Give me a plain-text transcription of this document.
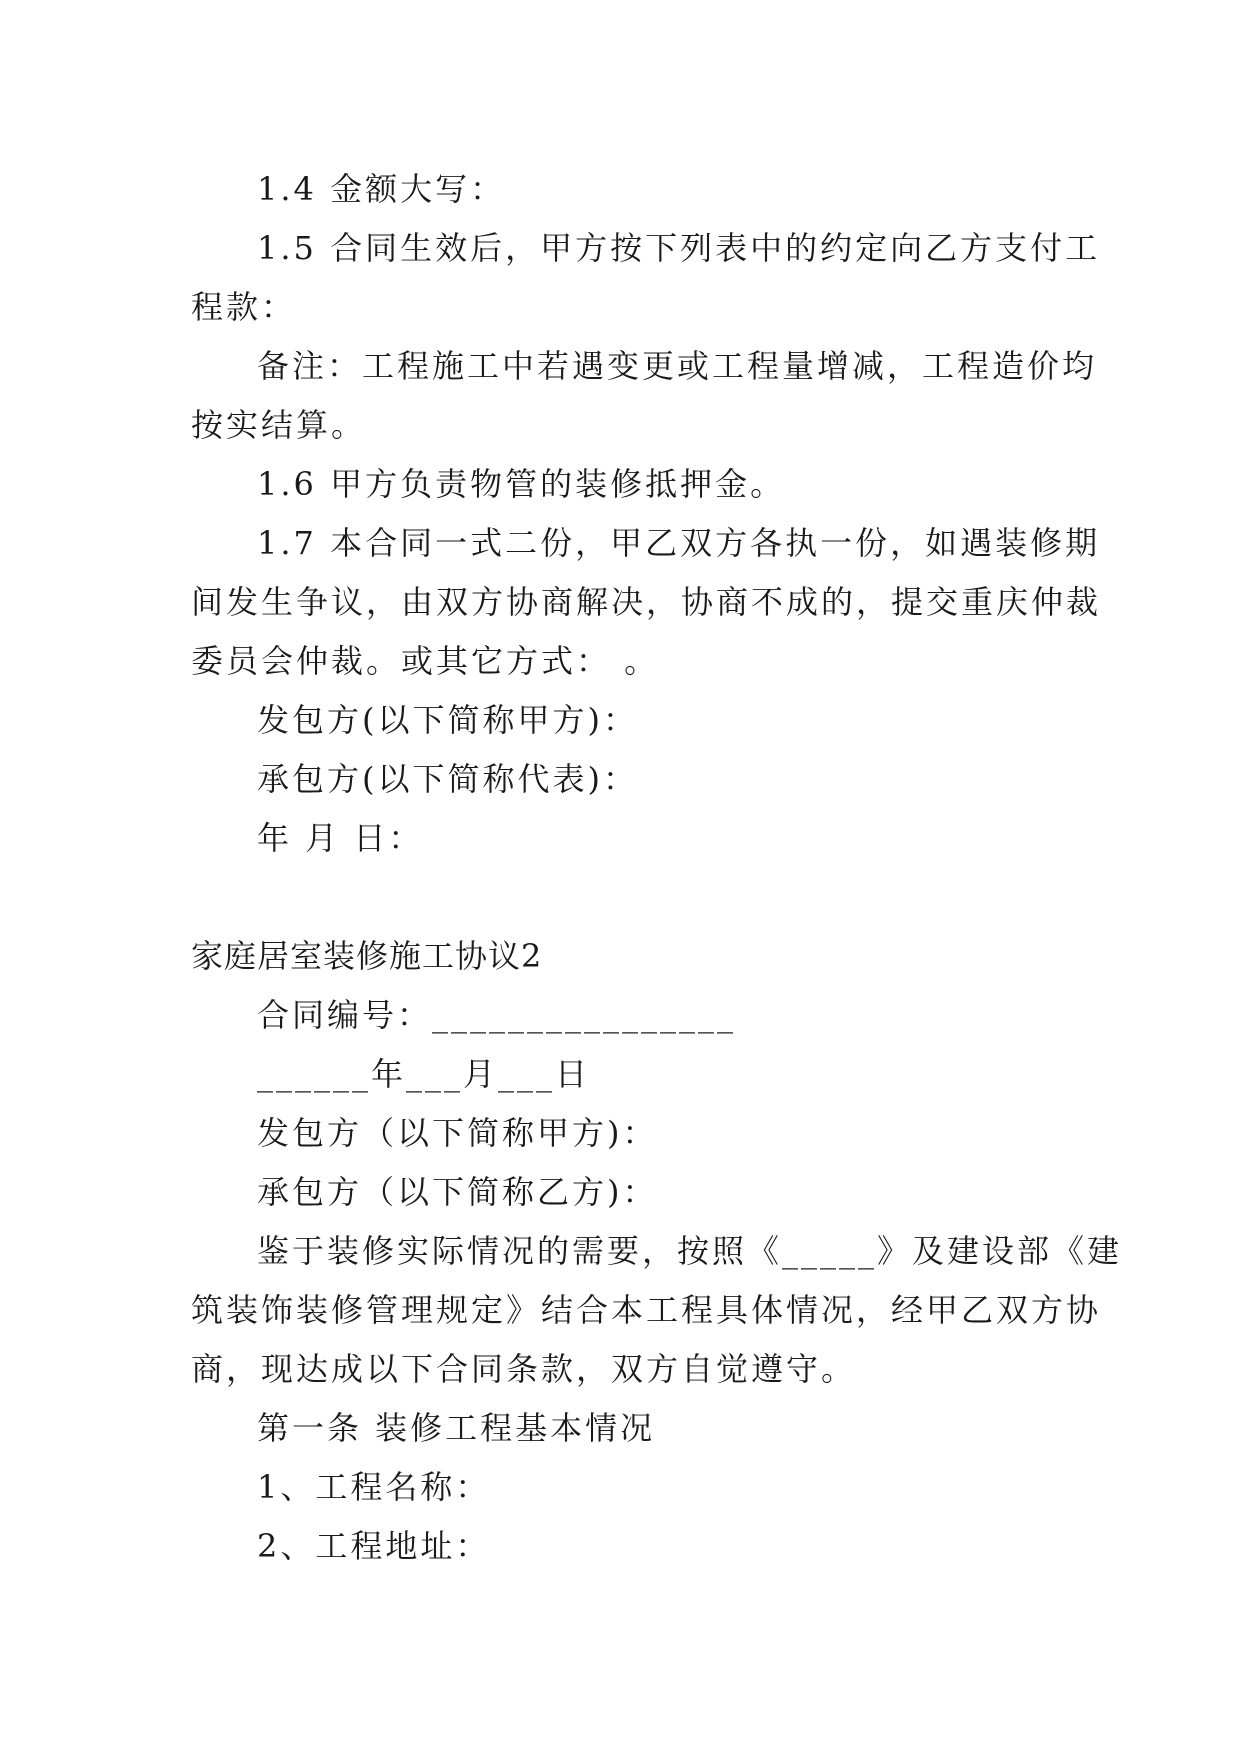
1.4 金额大写：

1.5 合同生效后，甲方按下列表中的约定向乙方支付工

程款：

备注：工程施工中若遇变更或工程量增减，工程造价均

按实结算。

1.6 甲方负责物管的装修抵押金。

1.7 本合同一式二份，甲乙双方各执一份，如遇装修期

间发生争议，由双方协商解决，协商不成的，提交重庆仲裁

委员会仲裁。或其它方式： 。

发包方(以下简称甲方)：

承包方(以下简称代表)：

年 月 日：

家庭居室装修施工协议2

合同编号：________________

______年___月___日

发包方（以下简称甲方)：

承包方（以下简称乙方)：

鉴于装修实际情况的需要，按照《_____》及建设部《建

筑装饰装修管理规定》结合本工程具体情况，经甲乙双方协

商，现达成以下合同条款，双方自觉遵守。

第一条 装修工程基本情况

1、工程名称：

2、工程地址：
